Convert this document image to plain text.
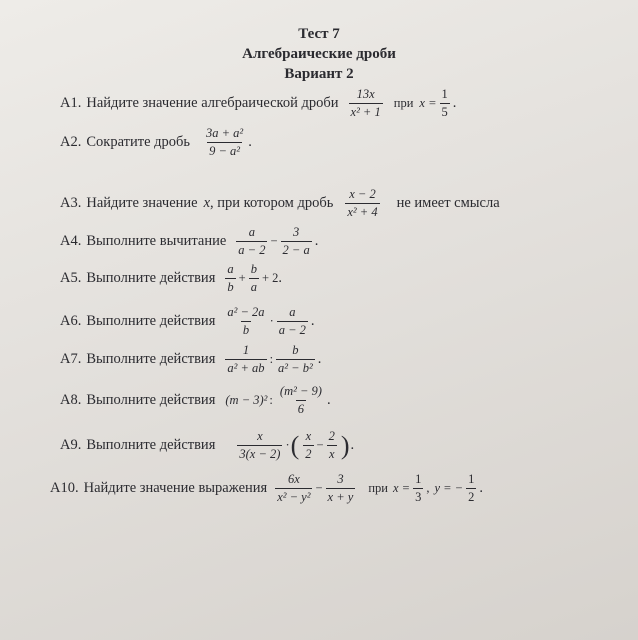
Тест 7
Алгебраические дроби
Вариант 2
A1. Найдите значение алгебраической дроби $\frac{13x}{\text{x² + 1}}$ при $x = \frac{1}{5}$ .
A2. Сократите дробь $\frac{\text{3a + a²}}{\text{9 − a²}}$ .
A3. Найдите значение x , при котором дробь $\frac{x - 2}{\text{x² + 4}}$ не имеет смысла
A4. Выполните вычитание $\frac{a}{a - 2} - \frac{3}{2 - a}$ .
A5. Выполните действия $\frac{a}{b} + \frac{b}{a} + 2$ .
A6. Выполните действия $\frac{\text{a² − 2a}}{b} \cdot \frac{a}{a - 2}$ .
A7. Выполните действия $\frac{1}{\text{a² + ab}}$ : $\frac{b}{\text{a² − b²}}$ .
A8. Выполните действия (m − 3)² : $\frac{\text{(m² − 9)}}{6}$ .
A9. Выполните действия $\frac{x}{3(x - 2)}$ · ( $\frac{x}{2} - \frac{2}{x}$ ) .
A10. Найдите значение выражения $\frac{6x}{\text{x² − y²}} - \frac{3}{x + y}$ при $x = \frac{1}{3}$ , y = − $\frac{1}{2}$ .
